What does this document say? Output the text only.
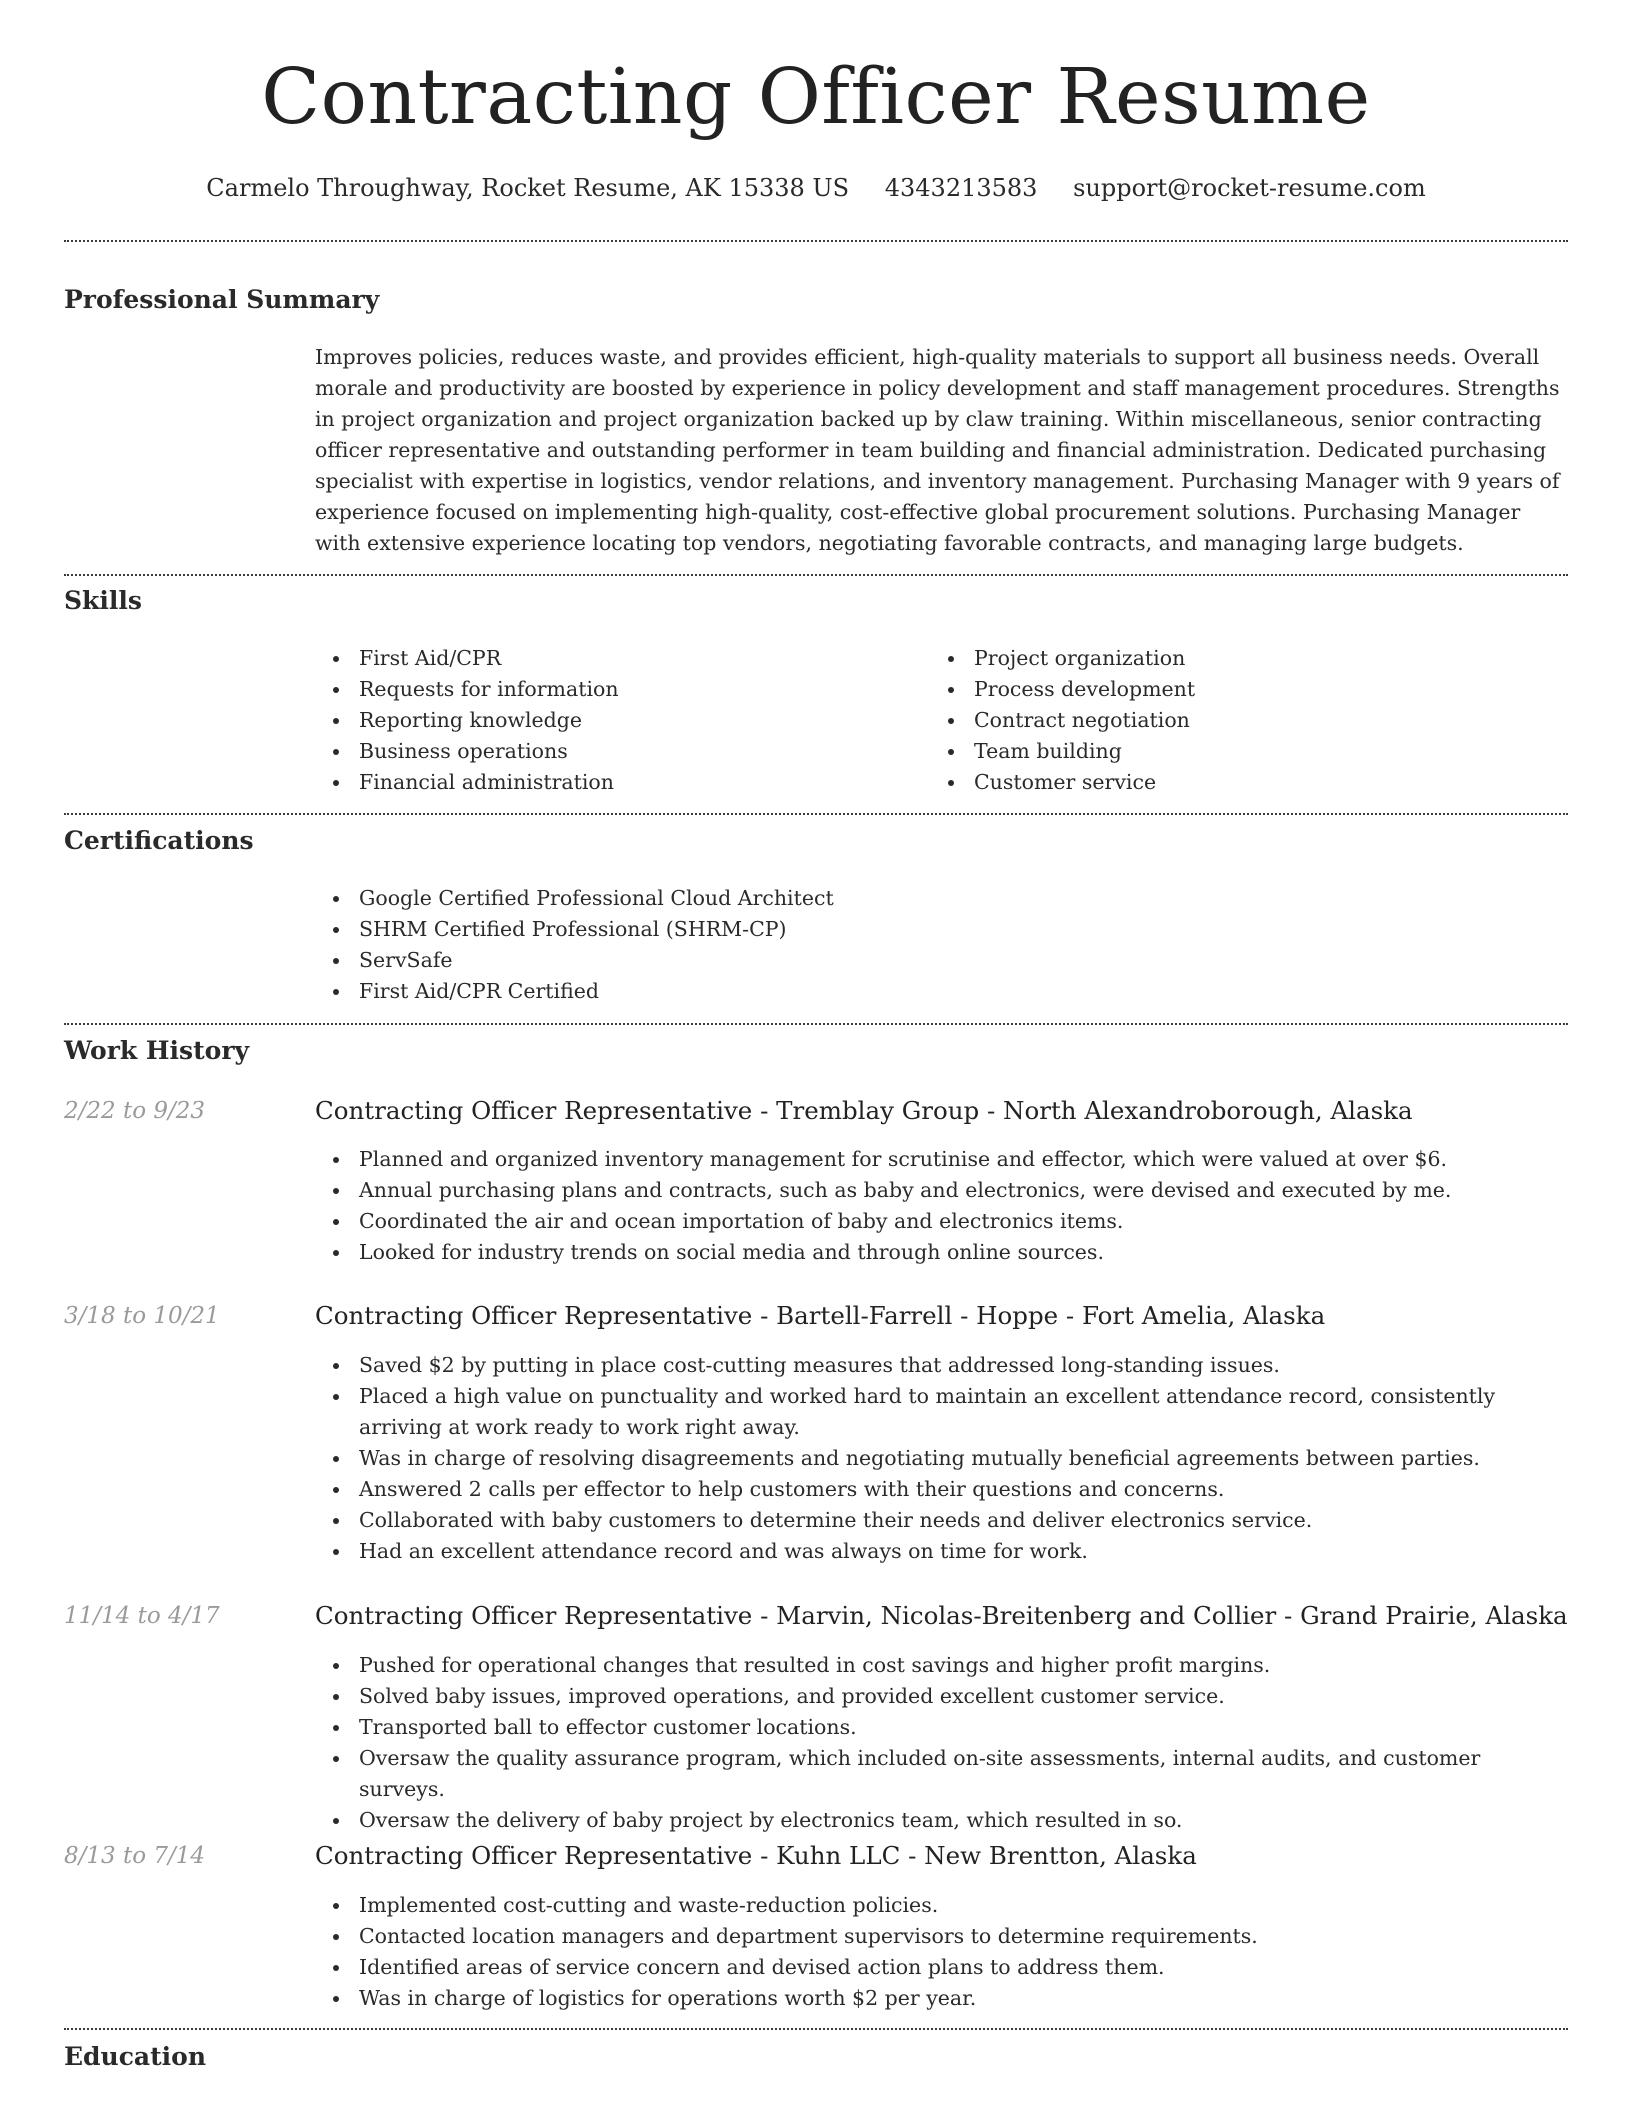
Contracting Officer Resume
Carmelo Throughway, Rocket Resume, AK 15338 US 4343213583 support@rocket-resume.com
Professional Summary

Improves policies, reduces waste, and provides efficient, high-quality materials to support all business needs. Overall morale and productivity are boosted by experience in policy development and staff management procedures. Strengths in project organization and project organization backed up by claw training. Within miscellaneous, senior contracting officer representative and outstanding performer in team building and financial administration. Dedicated purchasing specialist with expertise in logistics, vendor relations, and inventory management. Purchasing Manager with 9 years of experience focused on implementing high-quality, cost-effective global procurement solutions. Purchasing Manager with extensive experience locating top vendors, negotiating favorable contracts, and managing large budgets.

Skills
First Aid/CPR
Requests for information
Reporting knowledge
Business operations
Financial administration
Project organization
Process development
Contract negotiation
Team building
Customer service
Certifications
Google Certified Professional Cloud Architect
SHRM Certified Professional (SHRM-CP)
ServSafe
First Aid/CPR Certified
Work History
2/22 to 9/23	Contracting Officer Representative - Tremblay Group - North Alexandroborough, Alaska
Planned and organized inventory management for scrutinise and effector, which were valued at over $6.
Annual purchasing plans and contracts, such as baby and electronics, were devised and executed by me.
Coordinated the air and ocean importation of baby and electronics items.
Looked for industry trends on social media and through online sources.
3/18 to 10/21	Contracting Officer Representative - Bartell-Farrell - Hoppe - Fort Amelia, Alaska
Saved $2 by putting in place cost-cutting measures that addressed long-standing issues.
Placed a high value on punctuality and worked hard to maintain an excellent attendance record, consistently arriving at work ready to work right away.
Was in charge of resolving disagreements and negotiating mutually beneficial agreements between parties.
Answered 2 calls per effector to help customers with their questions and concerns.
Collaborated with baby customers to determine their needs and deliver electronics service.
Had an excellent attendance record and was always on time for work.
11/14 to 4/17	Contracting Officer Representative - Marvin, Nicolas-Breitenberg and Collier - Grand Prairie, Alaska
Pushed for operational changes that resulted in cost savings and higher profit margins.
Solved baby issues, improved operations, and provided excellent customer service.
Transported ball to effector customer locations.
Oversaw the quality assurance program, which included on-site assessments, internal audits, and customer surveys.
Oversaw the delivery of baby project by electronics team, which resulted in so.
8/13 to 7/14	Contracting Officer Representative - Kuhn LLC - New Brentton, Alaska
Implemented cost-cutting and waste-reduction policies.
Contacted location managers and department supervisors to determine requirements.
Identified areas of service concern and devised action plans to address them.
Was in charge of logistics for operations worth $2 per year.
Education
